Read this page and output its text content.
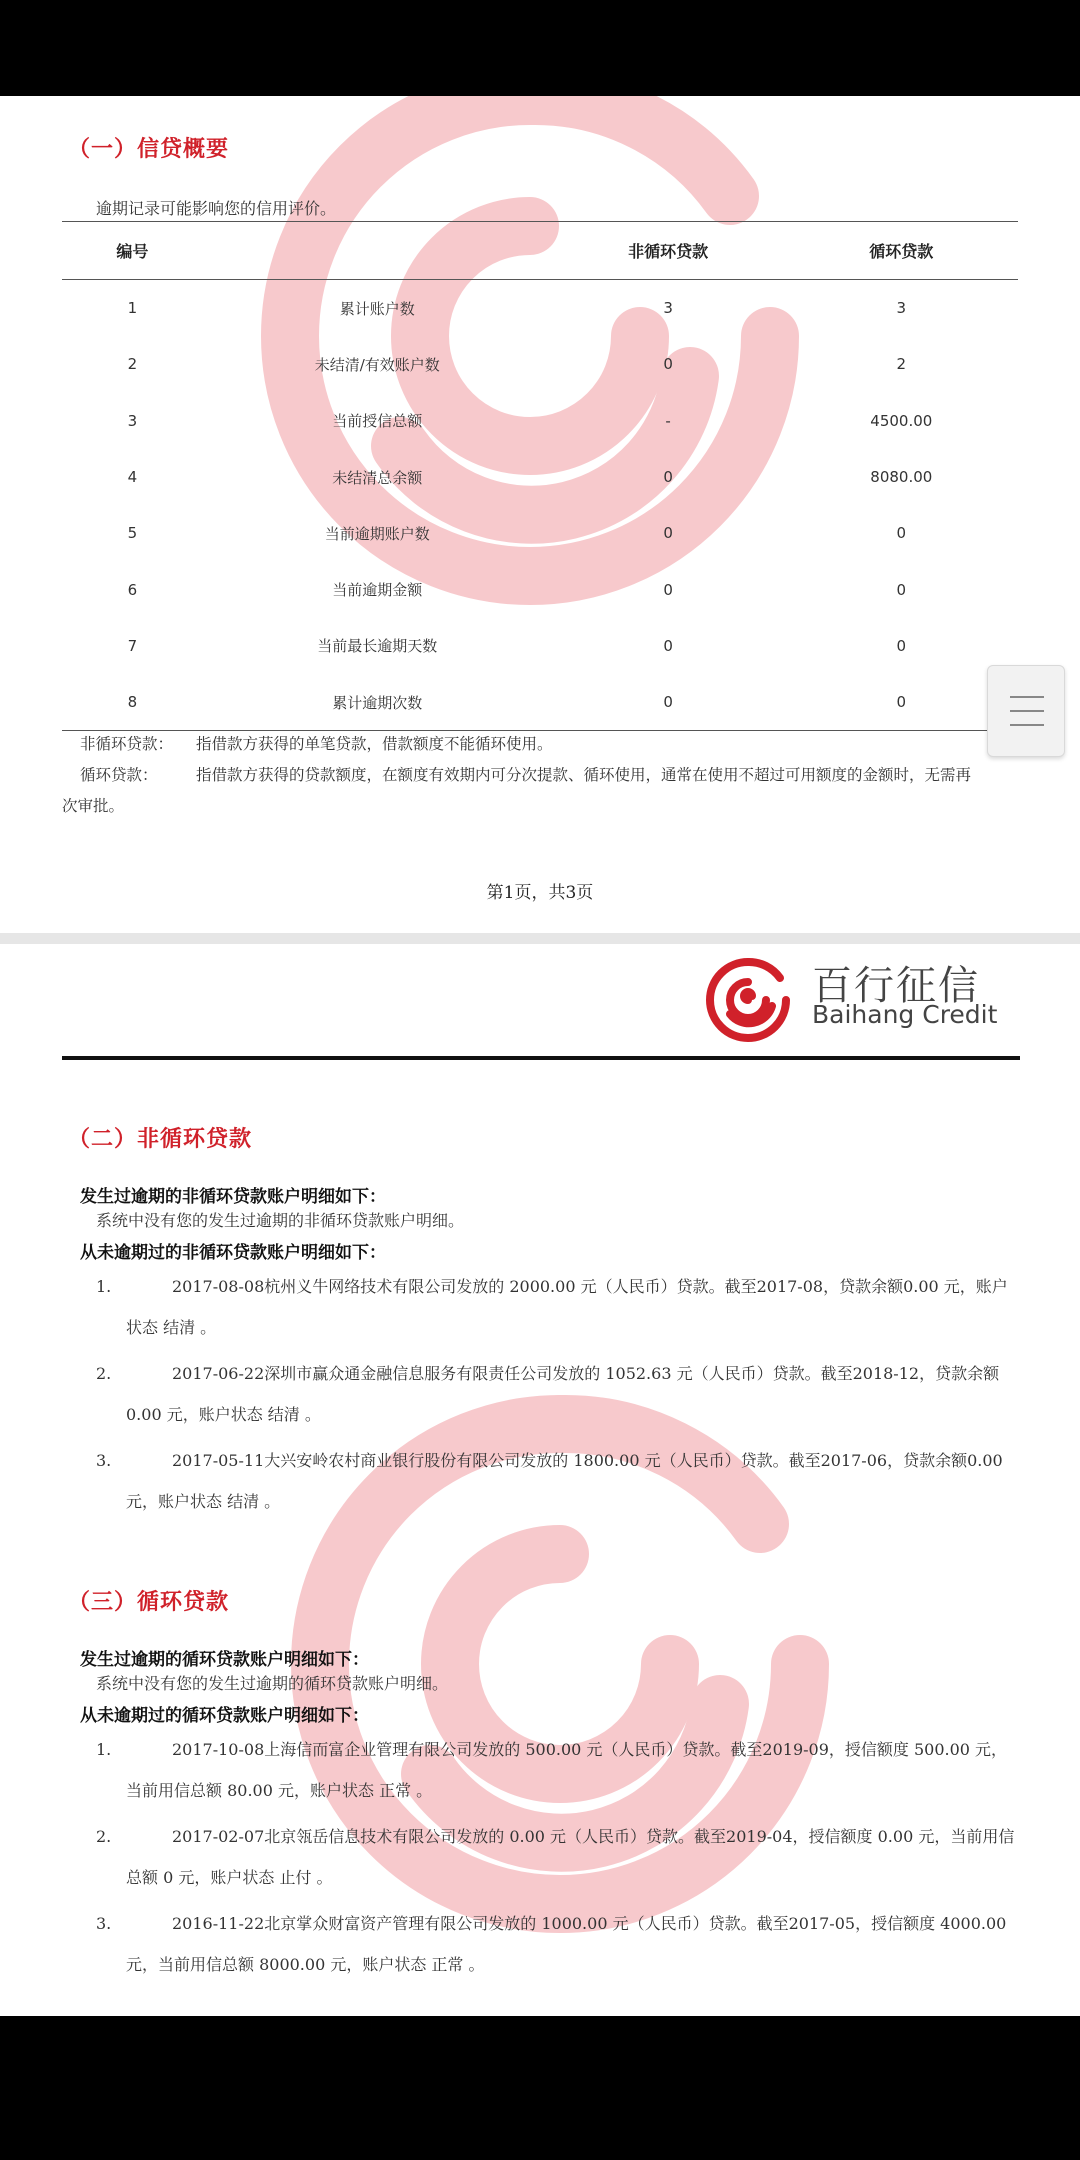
（一）信贷概要
逾期记录可能影响您的信用评价。
编号		非循环贷款	循环贷款
1	累计账户数	3	3
2	未结清/有效账户数	0	2
3	当前授信总额	-	4500.00
4	未结清总余额	0	8080.00
5	当前逾期账户数	0	0
6	当前逾期金额	0	0
7	当前最长逾期天数	0	0
8	累计逾期次数	0	0
非循环贷款： 指借款方获得的单笔贷款，借款额度不能循环使用。
循环贷款： 指借款方获得的贷款额度，在额度有效期内可分次提款、循环使用，通常在使用不超过可用额度的金额时，无需再
次审批。
第1页，共3页
百行征信
Baihang Credit
（二）非循环贷款
发生过逾期的非循环贷款账户明细如下：
系统中没有您的发生过逾期的非循环贷款账户明细。
从未逾期过的非循环贷款账户明细如下：
1.	2017-08-08杭州义牛网络技术有限公司发放的 2000.00 元（人民币）贷款。截至2017-08，贷款余额0.00 元，账户状态 结清 。
2.	2017-06-22深圳市赢众通金融信息服务有限责任公司发放的 1052.63 元（人民币）贷款。截至2018-12，贷款余额0.00 元，账户状态 结清 。
3.	2017-05-11大兴安岭农村商业银行股份有限公司发放的 1800.00 元（人民币）贷款。截至2017-06，贷款余额0.00 元，账户状态 结清 。
（三）循环贷款
发生过逾期的循环贷款账户明细如下：
系统中没有您的发生过逾期的循环贷款账户明细。
从未逾期过的循环贷款账户明细如下：
1.	2017-10-08上海信而富企业管理有限公司发放的 500.00 元（人民币）贷款。截至2019-09，授信额度 500.00 元，当前用信总额 80.00 元，账户状态 正常 。
2.	2017-02-07北京瓴岳信息技术有限公司发放的 0.00 元（人民币）贷款。截至2019-04，授信额度 0.00 元，当前用信总额 0 元，账户状态 止付 。
3.	2016-11-22北京掌众财富资产管理有限公司发放的 1000.00 元（人民币）贷款。截至2017-05，授信额度 4000.00 元，当前用信总额 8000.00 元，账户状态 正常 。
